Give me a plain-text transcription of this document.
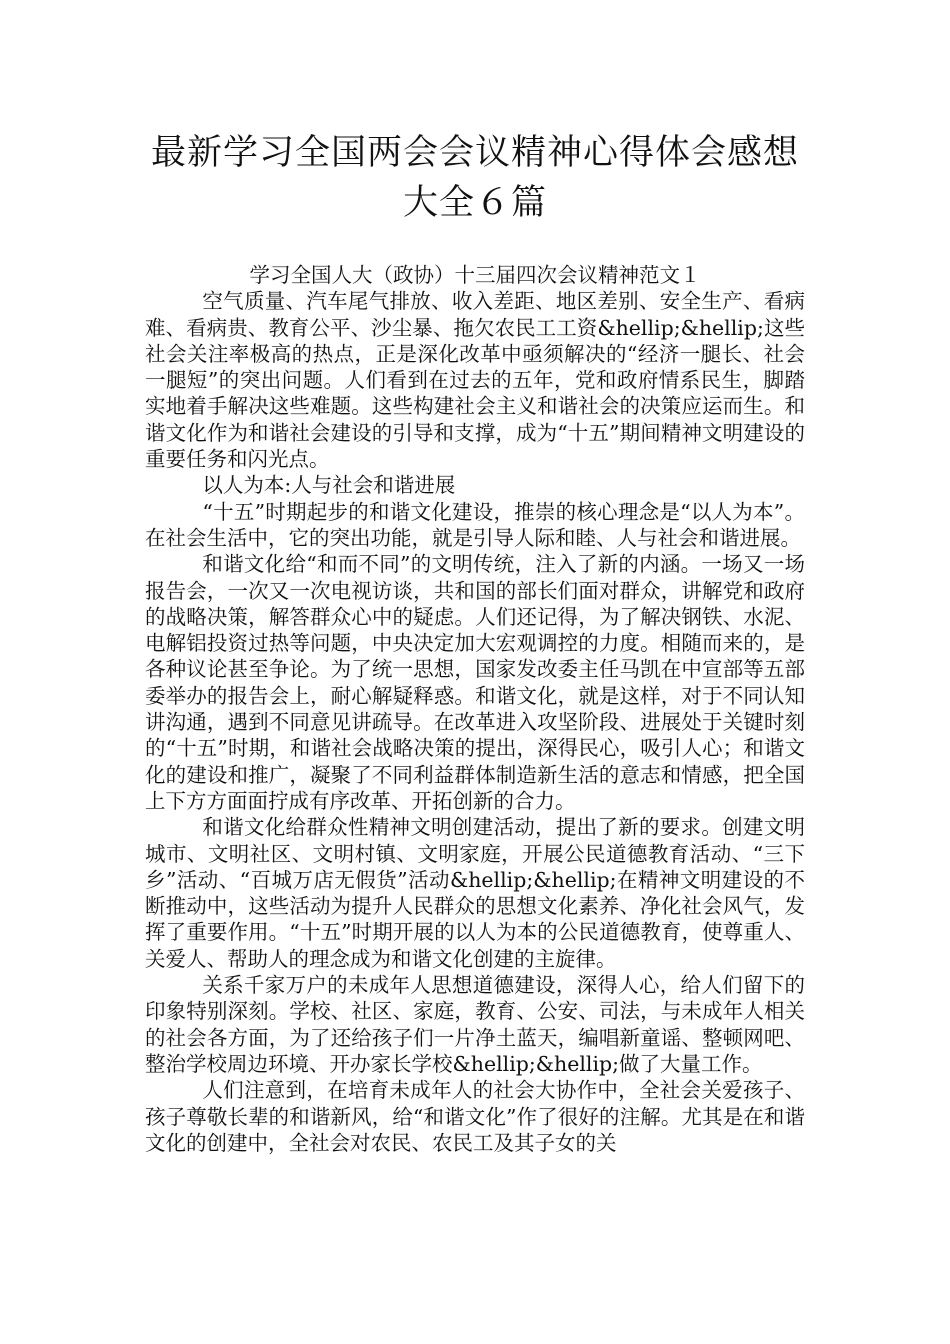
最新学习全国两会会议精神心得体会感想
大全６篇

学习全国人大（政协）十三届四次会议精神范文１

空气质量、汽车尾气排放、收入差距、地区差别、安全生产、看病难、看病贵、教育公平、沙尘暴、拖欠农民工工资&hellip;&hellip;这些社会关注率极高的热点，正是深化改革中亟须解决的“经济一腿长、社会一腿短”的突出问题。人们看到在过去的五年，党和政府情系民生，脚踏实地着手解决这些难题。这些构建社会主义和谐社会的决策应运而生。和谐文化作为和谐社会建设的引导和支撑，成为“十五”期间精神文明建设的重要任务和闪光点。

以人为本:人与社会和谐进展

“十五”时期起步的和谐文化建设，推崇的核心理念是“以人为本”。在社会生活中，它的突出功能，就是引导人际和睦、人与社会和谐进展。

和谐文化给“和而不同”的文明传统，注入了新的内涵。一场又一场报告会，一次又一次电视访谈，共和国的部长们面对群众，讲解党和政府的战略决策，解答群众心中的疑虑。人们还记得，为了解决钢铁、水泥、电解铝投资过热等问题，中央决定加大宏观调控的力度。相随而来的，是各种议论甚至争论。为了统一思想，国家发改委主任马凯在中宣部等五部委举办的报告会上，耐心解疑释惑。和谐文化，就是这样，对于不同认知讲沟通，遇到不同意见讲疏导。在改革进入攻坚阶段、进展处于关键时刻的“十五”时期，和谐社会战略决策的提出，深得民心，吸引人心；和谐文化的建设和推广，凝聚了不同利益群体制造新生活的意志和情感，把全国上下方方面面拧成有序改革、开拓创新的合力。

和谐文化给群众性精神文明创建活动，提出了新的要求。创建文明城市、文明社区、文明村镇、文明家庭，开展公民道德教育活动、“三下乡”活动、“百城万店无假货”活动&hellip;&hellip;在精神文明建设的不断推动中，这些活动为提升人民群众的思想文化素养、净化社会风气，发挥了重要作用。“十五”时期开展的以人为本的公民道德教育，使尊重人、关爱人、帮助人的理念成为和谐文化创建的主旋律。

关系千家万户的未成年人思想道德建设，深得人心，给人们留下的印象特别深刻。学校、社区、家庭，教育、公安、司法，与未成年人相关的社会各方面，为了还给孩子们一片净土蓝天，编唱新童谣、整顿网吧、整治学校周边环境、开办家长学校&hellip;&hellip;做了大量工作。

人们注意到，在培育未成年人的社会大协作中，全社会关爱孩子、孩子尊敬长辈的和谐新风，给“和谐文化”作了很好的注解。尤其是在和谐文化的创建中，全社会对农民、农民工及其子女的关
